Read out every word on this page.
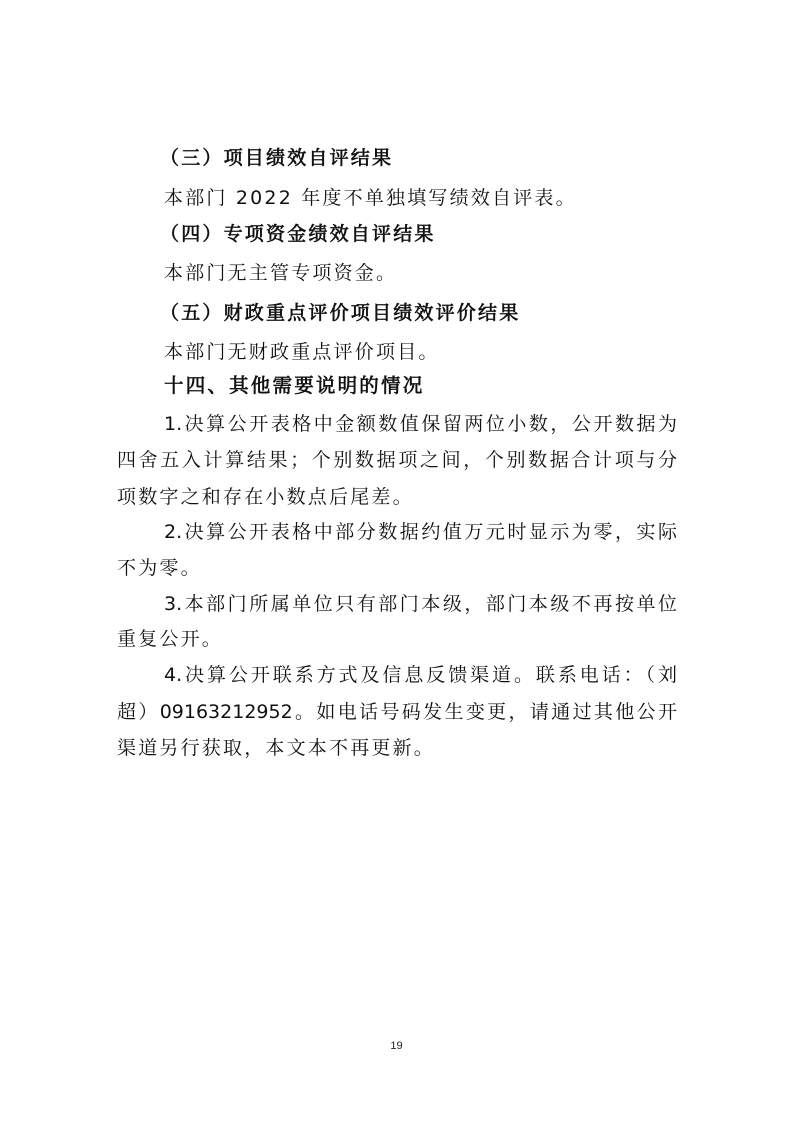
（三）项目绩效自评结果
本部门 2022 年度不单独填写绩效自评表。
（四）专项资金绩效自评结果
本部门无主管专项资金。
（五）财政重点评价项目绩效评价结果
本部门无财政重点评价项目。
十四、其他需要说明的情况
1.决算公开表格中金额数值保留两位小数，公开数据为
四舍五入计算结果；个别数据项之间，个别数据合计项与分
项数字之和存在小数点后尾差。
2.决算公开表格中部分数据约值万元时显示为零，实际
不为零。
3.本部门所属单位只有部门本级，部门本级不再按单位
重复公开。
4.决算公开联系方式及信息反馈渠道。联系电话：（刘
超）09163212952。如电话号码发生变更，请通过其他公开
渠道另行获取，本文本不再更新。
19
